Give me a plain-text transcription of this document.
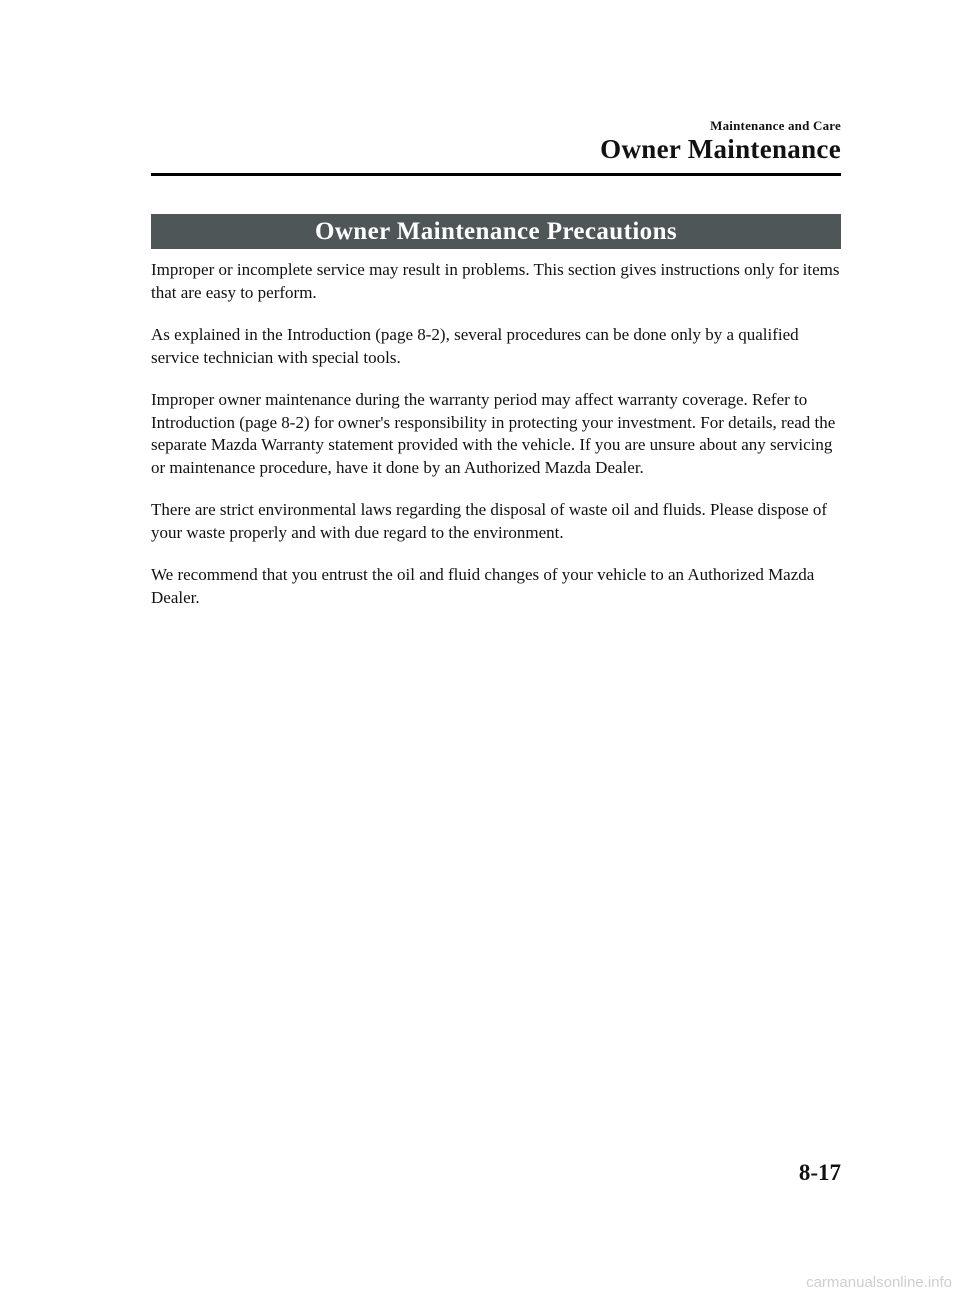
Maintenance and Care
Owner Maintenance
Owner Maintenance Precautions

Improper or incomplete service may result in problems. This section gives instructions only for items that are easy to perform.

As explained in the Introduction (page 8-2), several procedures can be done only by a qualified service technician with special tools.

Improper owner maintenance during the warranty period may affect warranty coverage. Refer to Introduction (page 8-2) for owner's responsibility in protecting your investment. For details, read the separate Mazda Warranty statement provided with the vehicle. If you are unsure about any servicing or maintenance procedure, have it done by an Authorized Mazda Dealer.

There are strict environmental laws regarding the disposal of waste oil and fluids. Please dispose of your waste properly and with due regard to the environment.

We recommend that you entrust the oil and fluid changes of your vehicle to an Authorized Mazda Dealer.

8-17
carmanualsonline.info
